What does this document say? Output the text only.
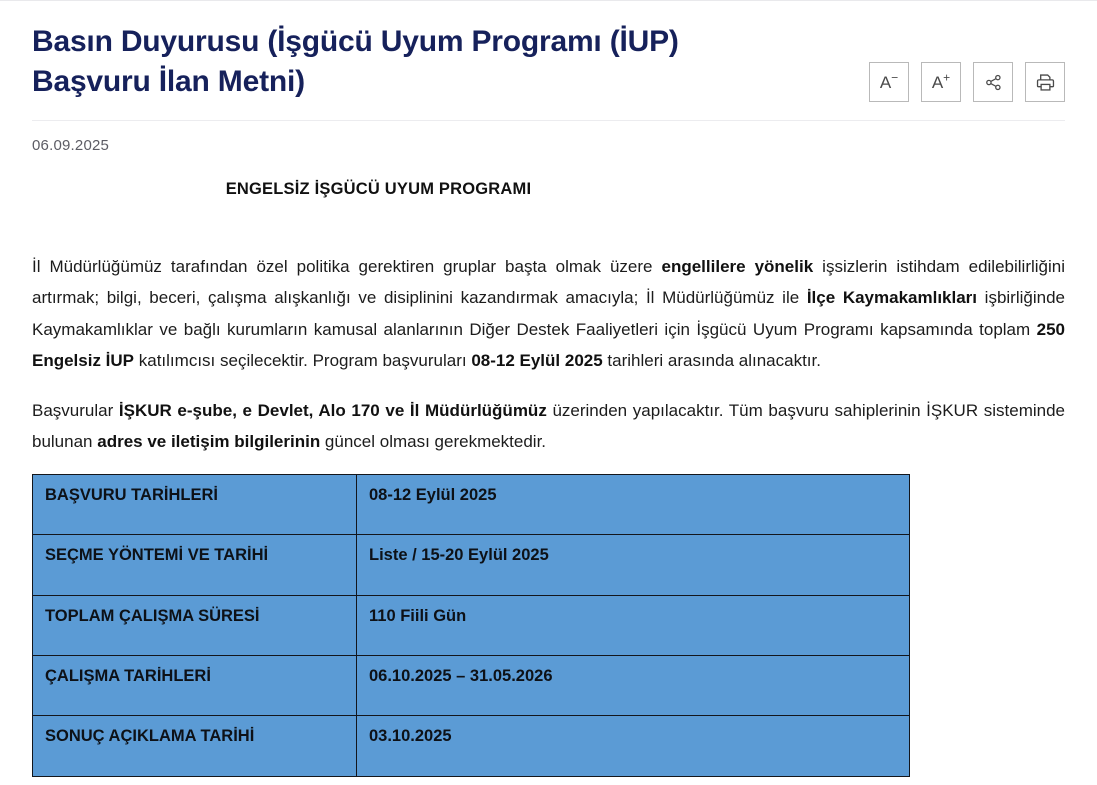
Basın Duyurusu (İşgücü Uyum Programı (İUP) Başvuru İlan Metni)	A− A+
06.09.2025

ENGELSİZ İŞGÜCÜ UYUM PROGRAMI

İl Müdürlüğümüz tarafından özel politika gerektiren gruplar başta olmak üzere engellilere yönelik işsizlerin istihdam edilebilirliğini artırmak; bilgi, beceri, çalışma alışkanlığı ve disiplinini kazandırmak amacıyla; İl Müdürlüğümüz ile İlçe Kaymakamlıkları işbirliğinde Kaymakamlıklar ve bağlı kurumların kamusal alanlarının Diğer Destek Faaliyetleri için İşgücü Uyum Programı kapsamında toplam 250 Engelsiz İUP katılımcısı seçilecektir. Program başvuruları 08-12 Eylül 2025 tarihleri arasında alınacaktır.

Başvurular İŞKUR e-şube, e Devlet, Alo 170 ve İl Müdürlüğümüz üzerinden yapılacaktır. Tüm başvuru sahiplerinin İŞKUR sisteminde bulunan adres ve iletişim bilgilerinin güncel olması gerekmektedir.

BAŞVURU TARİHLERİ	08-12 Eylül 2025
SEÇME YÖNTEMİ VE TARİHİ	Liste / 15-20 Eylül 2025
TOPLAM ÇALIŞMA SÜRESİ	110 Fiili Gün
ÇALIŞMA TARİHLERİ	06.10.2025 – 31.05.2026
SONUÇ AÇIKLAMA TARİHİ	03.10.2025
